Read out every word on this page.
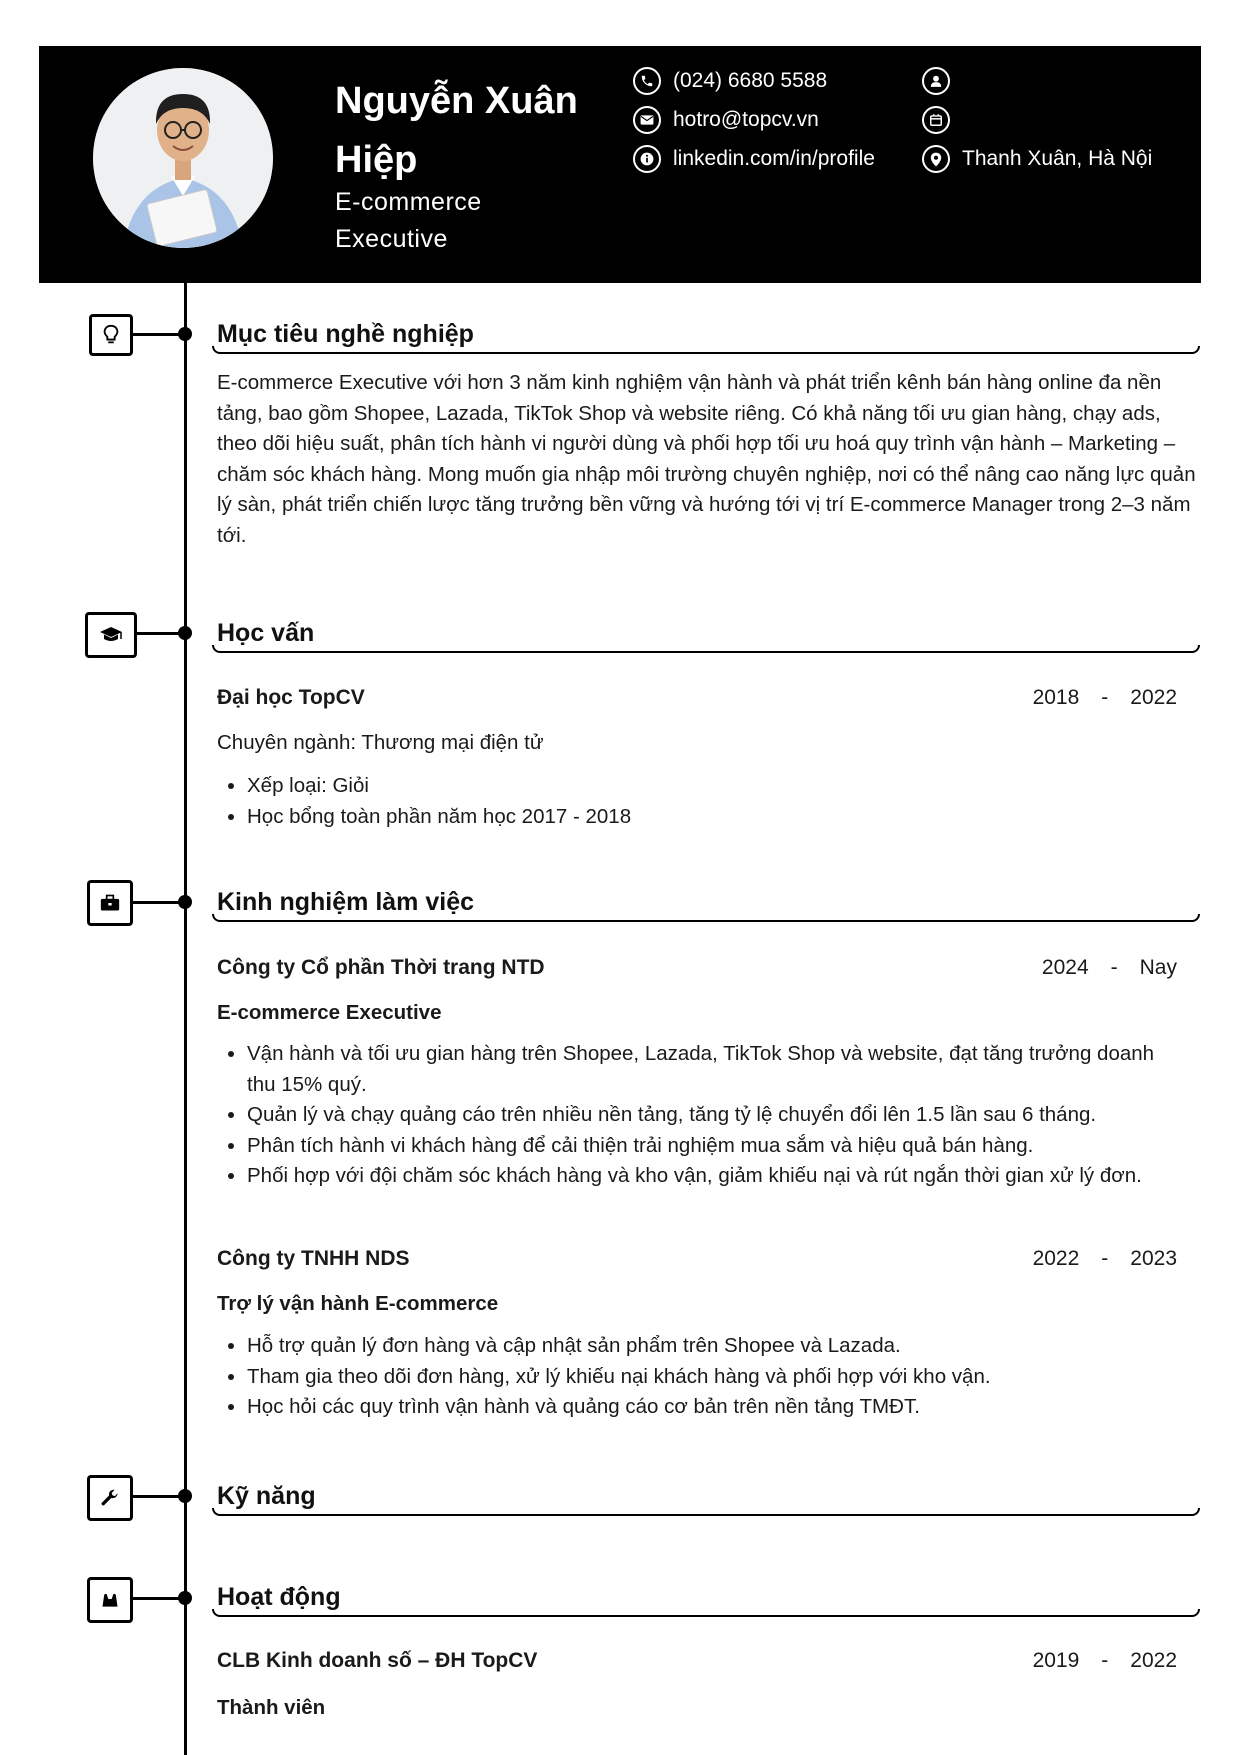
Nguyễn Xuân Hiệp
E-commerce Executive
(024) 6680 5588
hotro@topcv.vn
linkedin.com/in/profile	Thanh Xuân, Hà Nội
Mục tiêu nghề nghiệp

E-commerce Executive với hơn 3 năm kinh nghiệm vận hành và phát triển kênh bán hàng online đa nền tảng, bao gồm Shopee, Lazada, TikTok Shop và website riêng. Có khả năng tối ưu gian hàng, chạy ads, theo dõi hiệu suất, phân tích hành vi người dùng và phối hợp tối ưu hoá quy trình vận hành – Marketing – chăm sóc khách hàng. Mong muốn gia nhập môi trường chuyên nghiệp, nơi có thể nâng cao năng lực quản lý sàn, phát triển chiến lược tăng trưởng bền vững và hướng tới vị trí E-commerce Manager trong 2–3 năm tới.

Học vấn
Đại học TopCV	2018 - 2022
Chuyên ngành: Thương mại điện tử
• Xếp loại: Giỏi
• Học bổng toàn phần năm học 2017 - 2018
Kinh nghiệm làm việc
Công ty Cổ phần Thời trang NTD	2024 - Nay
E-commerce Executive
• Vận hành và tối ưu gian hàng trên Shopee, Lazada, TikTok Shop và website, đạt tăng trưởng doanh thu 15% quý.
• Quản lý và chạy quảng cáo trên nhiều nền tảng, tăng tỷ lệ chuyển đổi lên 1.5 lần sau 6 tháng.
• Phân tích hành vi khách hàng để cải thiện trải nghiệm mua sắm và hiệu quả bán hàng.
• Phối hợp với đội chăm sóc khách hàng và kho vận, giảm khiếu nại và rút ngắn thời gian xử lý đơn.
Công ty TNHH NDS	2022 - 2023
Trợ lý vận hành E-commerce
• Hỗ trợ quản lý đơn hàng và cập nhật sản phẩm trên Shopee và Lazada.
• Tham gia theo dõi đơn hàng, xử lý khiếu nại khách hàng và phối hợp với kho vận.
• Học hỏi các quy trình vận hành và quảng cáo cơ bản trên nền tảng TMĐT.
Kỹ năng
Hoạt động
CLB Kinh doanh số – ĐH TopCV	2019 - 2022
Thành viên
